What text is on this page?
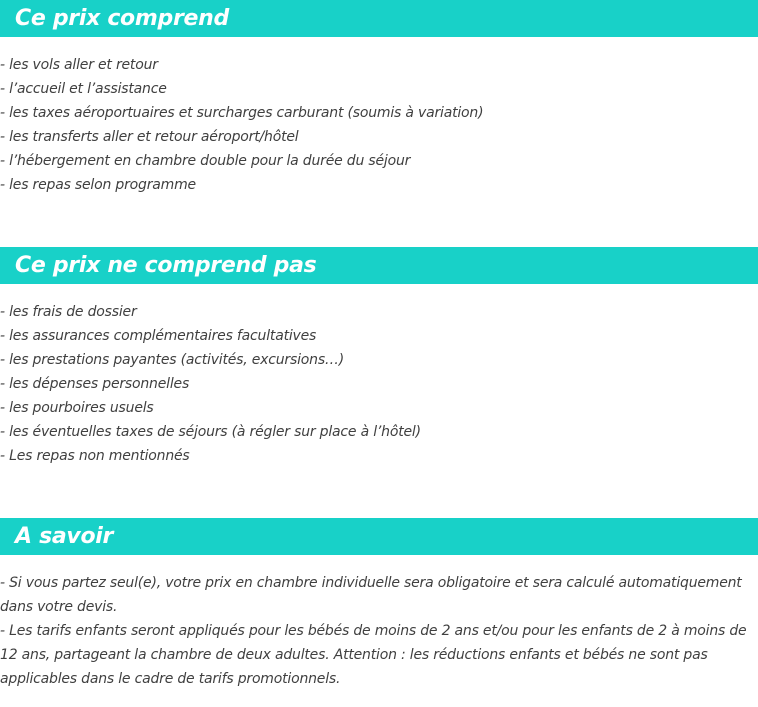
Ce prix comprend
- les vols aller et retour
- l’accueil et l’assistance
- les taxes aéroportuaires et surcharges carburant (soumis à variation)
- les transferts aller et retour aéroport/hôtel
- l’hébergement en chambre double pour la durée du séjour
- les repas selon programme
Ce prix ne comprend pas
- les frais de dossier
- les assurances complémentaires facultatives
- les prestations payantes (activités, excursions…)
- les dépenses personnelles
- les pourboires usuels
- les éventuelles taxes de séjours (à régler sur place à l’hôtel)
- Les repas non mentionnés
A savoir
- Si vous partez seul(e), votre prix en chambre individuelle sera obligatoire et sera calculé automatiquement dans votre devis.
- Les tarifs enfants seront appliqués pour les bébés de moins de 2 ans et/ou pour les enfants de 2 à moins de 12 ans, partageant la chambre de deux adultes. Attention : les réductions enfants et bébés ne sont pas applicables dans le cadre de tarifs promotionnels.
